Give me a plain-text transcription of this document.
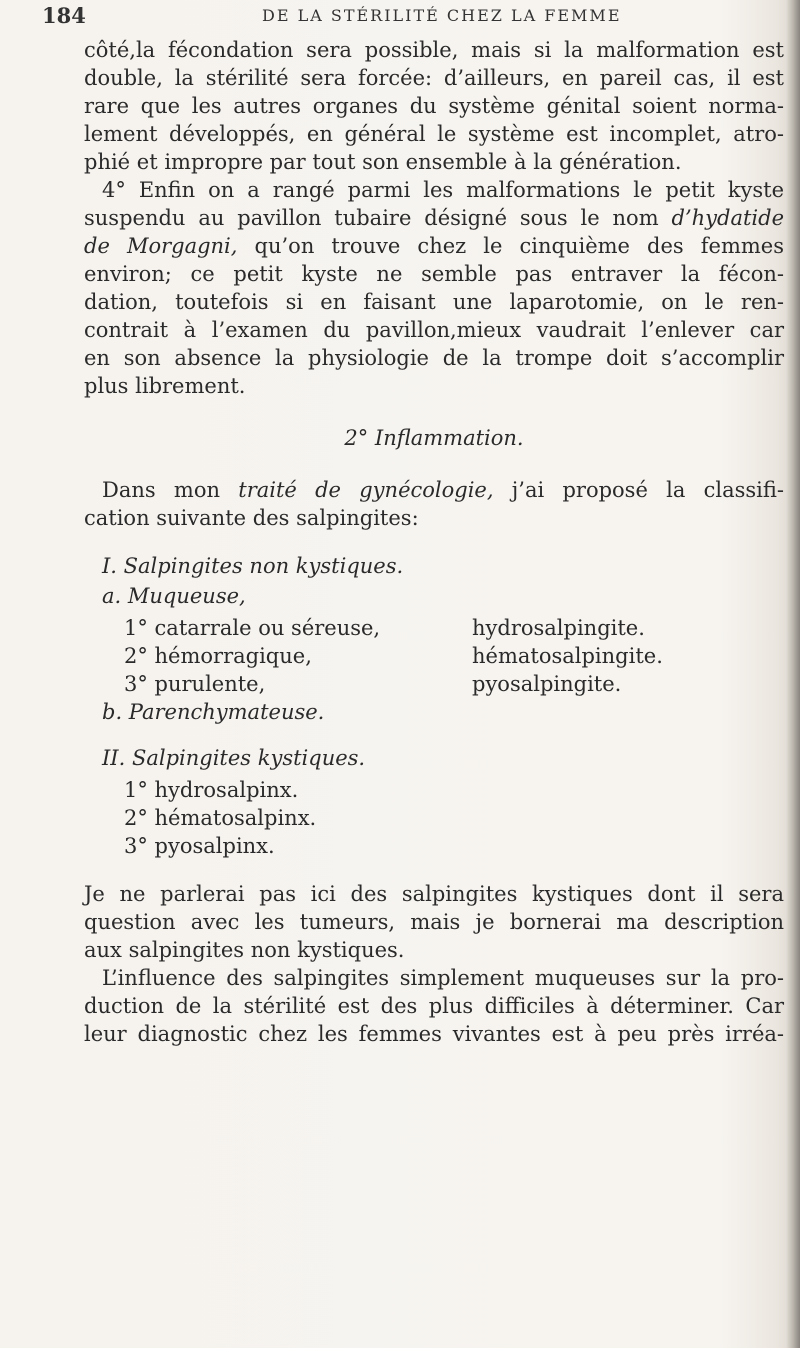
184	DE LA STÉRILITÉ CHEZ LA FEMME
côté,la fécondation sera possible, mais si la malformation est
double, la stérilité sera forcée: d’ailleurs, en pareil cas, il est
rare que les autres organes du système génital soient norma-
lement développés, en général le système est incomplet, atro-
phié et impropre par tout son ensemble à la génération.
4° Enfin on a rangé parmi les malformations le petit kyste
suspendu au pavillon tubaire désigné sous le nom d’hydatide
de Morgagni, qu’on trouve chez le cinquième des femmes
environ; ce petit kyste ne semble pas entraver la fécon-
dation, toutefois si en faisant une laparotomie, on le ren-
contrait à l’examen du pavillon,mieux vaudrait l’enlever car
en son absence la physiologie de la trompe doit s’accomplir
plus librement.
2° Inflammation.
Dans mon traité de gynécologie, j’ai proposé la classifi-
cation suivante des salpingites:
I. Salpingites non kystiques.
a. Muqueuse,
1° catarrale ou séreuse,	hydrosalpingite.
2° hémorragique,	hématosalpingite.
3° purulente,	pyosalpingite.
b. Parenchymateuse.
II. Salpingites kystiques.
1° hydrosalpinx.
2° hématosalpinx.
3° pyosalpinx.
Je ne parlerai pas ici des salpingites kystiques dont il sera
question avec les tumeurs, mais je bornerai ma description
aux salpingites non kystiques.
L’influence des salpingites simplement muqueuses sur la pro-
duction de la stérilité est des plus difficiles à déterminer. Car
leur diagnostic chez les femmes vivantes est à peu près irréa-
